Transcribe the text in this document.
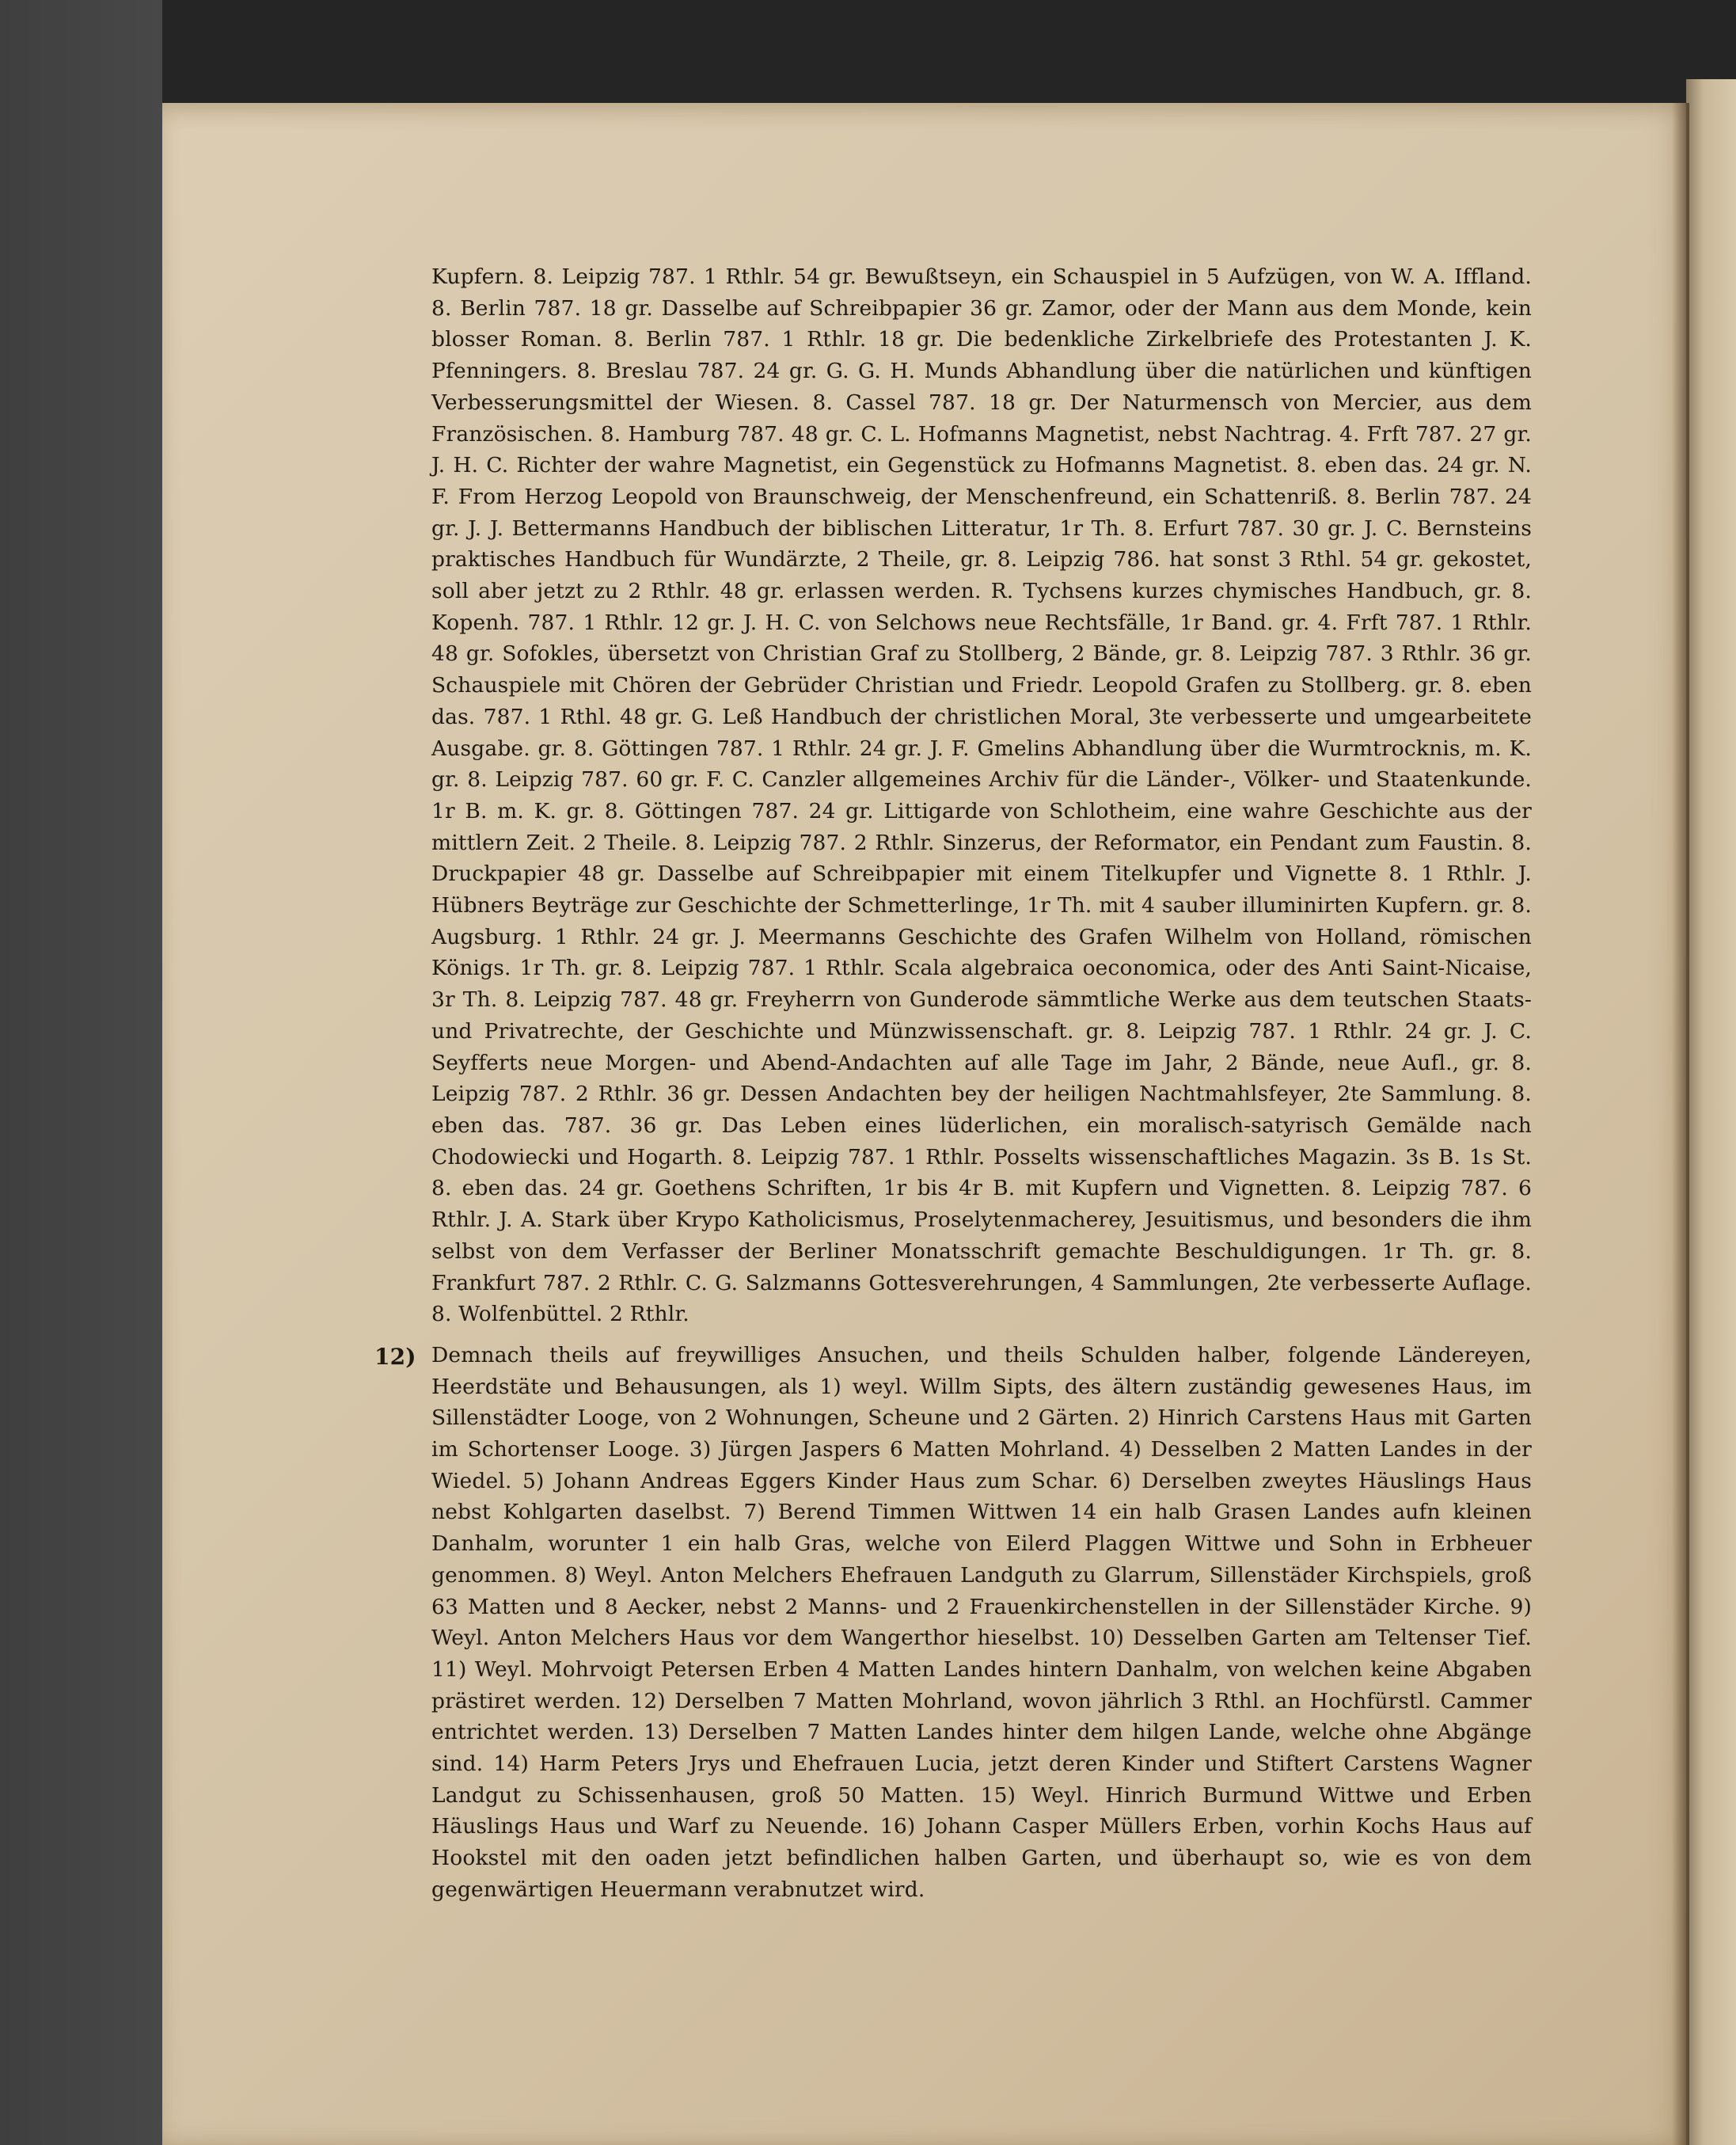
Kupfern. 8. Leipzig 787. 1 Rthlr. 54 gr. Bewußtseyn, ein Schauspiel in 5 Aufzügen, von W. A. Iffland. 8. Berlin 787. 18 gr. Dasselbe auf Schreibpapier 36 gr. Zamor, oder der Mann aus dem Monde, kein blosser Roman. 8. Berlin 787. 1 Rthlr. 18 gr. Die bedenkliche Zirkelbriefe des Protestanten J. K. Pfenningers. 8. Breslau 787. 24 gr. G. G. H. Munds Abhandlung über die natürlichen und künftigen Verbesserungsmittel der Wiesen. 8. Cassel 787. 18 gr. Der Naturmensch von Mercier, aus dem Französischen. 8. Hamburg 787. 48 gr. C. L. Hofmanns Magnetist, nebst Nachtrag. 4. Frft 787. 27 gr. J. H. C. Richter der wahre Magnetist, ein Gegenstück zu Hofmanns Magnetist. 8. eben das. 24 gr. N. F. From Herzog Leopold von Braunschweig, der Menschenfreund, ein Schattenriß. 8. Berlin 787. 24 gr. J. J. Bettermanns Handbuch der biblischen Litteratur, 1r Th. 8. Erfurt 787. 30 gr. J. C. Bernsteins praktisches Handbuch für Wundärzte, 2 Theile, gr. 8. Leipzig 786. hat sonst 3 Rthl. 54 gr. gekostet, soll aber jetzt zu 2 Rthlr. 48 gr. erlassen werden. R. Tychsens kurzes chymisches Handbuch, gr. 8. Kopenh. 787. 1 Rthlr. 12 gr. J. H. C. von Selchows neue Rechtsfälle, 1r Band. gr. 4. Frft 787. 1 Rthlr. 48 gr. Sofokles, übersetzt von Christian Graf zu Stollberg, 2 Bände, gr. 8. Leipzig 787. 3 Rthlr. 36 gr. Schauspiele mit Chören der Gebrüder Christian und Friedr. Leopold Grafen zu Stollberg. gr. 8. eben das. 787. 1 Rthl. 48 gr. G. Leß Handbuch der christlichen Moral, 3te verbesserte und umgearbeitete Ausgabe. gr. 8. Göttingen 787. 1 Rthlr. 24 gr. J. F. Gmelins Abhandlung über die Wurmtrocknis, m. K. gr. 8. Leipzig 787. 60 gr. F. C. Canzler allgemeines Archiv für die Länder-, Völker- und Staatenkunde. 1r B. m. K. gr. 8. Göttingen 787. 24 gr. Littigarde von Schlotheim, eine wahre Geschichte aus der mittlern Zeit. 2 Theile. 8. Leipzig 787. 2 Rthlr. Sinzerus, der Reformator, ein Pendant zum Faustin. 8. Druckpapier 48 gr. Dasselbe auf Schreibpapier mit einem Titelkupfer und Vignette 8. 1 Rthlr. J. Hübners Beyträge zur Geschichte der Schmetterlinge, 1r Th. mit 4 sauber illuminirten Kupfern. gr. 8. Augsburg. 1 Rthlr. 24 gr. J. Meermanns Geschichte des Grafen Wilhelm von Holland, römischen Königs. 1r Th. gr. 8. Leipzig 787. 1 Rthlr. Scala algebraica oeconomica, oder des Anti Saint-Nicaise, 3r Th. 8. Leipzig 787. 48 gr. Freyherrn von Gunderode sämmtliche Werke aus dem teutschen Staats- und Privatrechte, der Geschichte und Münzwissenschaft. gr. 8. Leipzig 787. 1 Rthlr. 24 gr. J. C. Seyfferts neue Morgen- und Abend-Andachten auf alle Tage im Jahr, 2 Bände, neue Aufl., gr. 8. Leipzig 787. 2 Rthlr. 36 gr. Dessen Andachten bey der heiligen Nachtmahlsfeyer, 2te Sammlung. 8. eben das. 787. 36 gr. Das Leben eines lüderlichen, ein moralisch-satyrisch Gemälde nach Chodowiecki und Hogarth. 8. Leipzig 787. 1 Rthlr. Posselts wissenschaftliches Magazin. 3s B. 1s St. 8. eben das. 24 gr. Goethens Schriften, 1r bis 4r B. mit Kupfern und Vignetten. 8. Leipzig 787. 6 Rthlr. J. A. Stark über Krypo Katholicismus, Proselytenmacherey, Jesuitismus, und besonders die ihm selbst von dem Verfasser der Berliner Monatsschrift gemachte Beschuldigungen. 1r Th. gr. 8. Frankfurt 787. 2 Rthlr. C. G. Salzmanns Gottesverehrungen, 4 Sammlungen, 2te verbesserte Auflage. 8. Wolfenbüttel. 2 Rthlr.

12) Demnach theils auf freywilliges Ansuchen, und theils Schulden halber, folgende Ländereyen, Heerdstäte und Behausungen, als 1) weyl. Willm Sipts, des ältern zuständig gewesenes Haus, im Sillenstädter Looge, von 2 Wohnungen, Scheune und 2 Gärten. 2) Hinrich Carstens Haus mit Garten im Schortenser Looge. 3) Jürgen Jaspers 6 Matten Mohrland. 4) Desselben 2 Matten Landes in der Wiedel. 5) Johann Andreas Eggers Kinder Haus zum Schar. 6) Derselben zweytes Häuslings Haus nebst Kohlgarten daselbst. 7) Berend Timmen Wittwen 14 ein halb Grasen Landes aufn kleinen Danhalm, worunter 1 ein halb Gras, welche von Eilerd Plaggen Wittwe und Sohn in Erbheuer genommen. 8) Weyl. Anton Melchers Ehefrauen Landguth zu Glarrum, Sillenstäder Kirchspiels, groß 63 Matten und 8 Aecker, nebst 2 Manns- und 2 Frauenkirchenstellen in der Sillenstäder Kirche. 9) Weyl. Anton Melchers Haus vor dem Wangerthor hieselbst. 10) Desselben Garten am Teltenser Tief. 11) Weyl. Mohrvoigt Petersen Erben 4 Matten Landes hintern Danhalm, von welchen keine Abgaben prästiret werden. 12) Derselben 7 Matten Mohrland, wovon jährlich 3 Rthl. an Hochfürstl. Cammer entrichtet werden. 13) Derselben 7 Matten Landes hinter dem hilgen Lande, welche ohne Abgänge sind. 14) Harm Peters Jrys und Ehefrauen Lucia, jetzt deren Kinder und Stiftert Carstens Wagner Landgut zu Schissenhausen, groß 50 Matten. 15) Weyl. Hinrich Burmund Wittwe und Erben Häuslings Haus und Warf zu Neuende. 16) Johann Casper Müllers Erben, vorhin Kochs Haus auf Hookstel mit den oaden jetzt befindlichen halben Garten, und überhaupt so, wie es von dem gegenwärtigen Heuermann verabnutzet wird.
